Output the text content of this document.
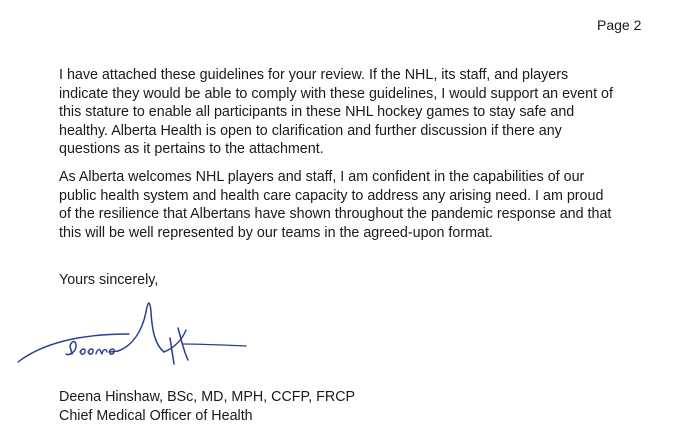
Page 2
I have attached these guidelines for your review. If the NHL, its staff, and players
indicate they would be able to comply with these guidelines, I would support an event of
this stature to enable all participants in these NHL hockey games to stay safe and
healthy. Alberta Health is open to clarification and further discussion if there any
questions as it pertains to the attachment.
As Alberta welcomes NHL players and staff, I am confident in the capabilities of our
public health system and health care capacity to address any arising need. I am proud
of the resilience that Albertans have shown throughout the pandemic response and that
this will be well represented by our teams in the agreed-upon format.
Yours sincerely,
Deena Hinshaw, BSc, MD, MPH, CCFP, FRCP
Chief Medical Officer of Health
